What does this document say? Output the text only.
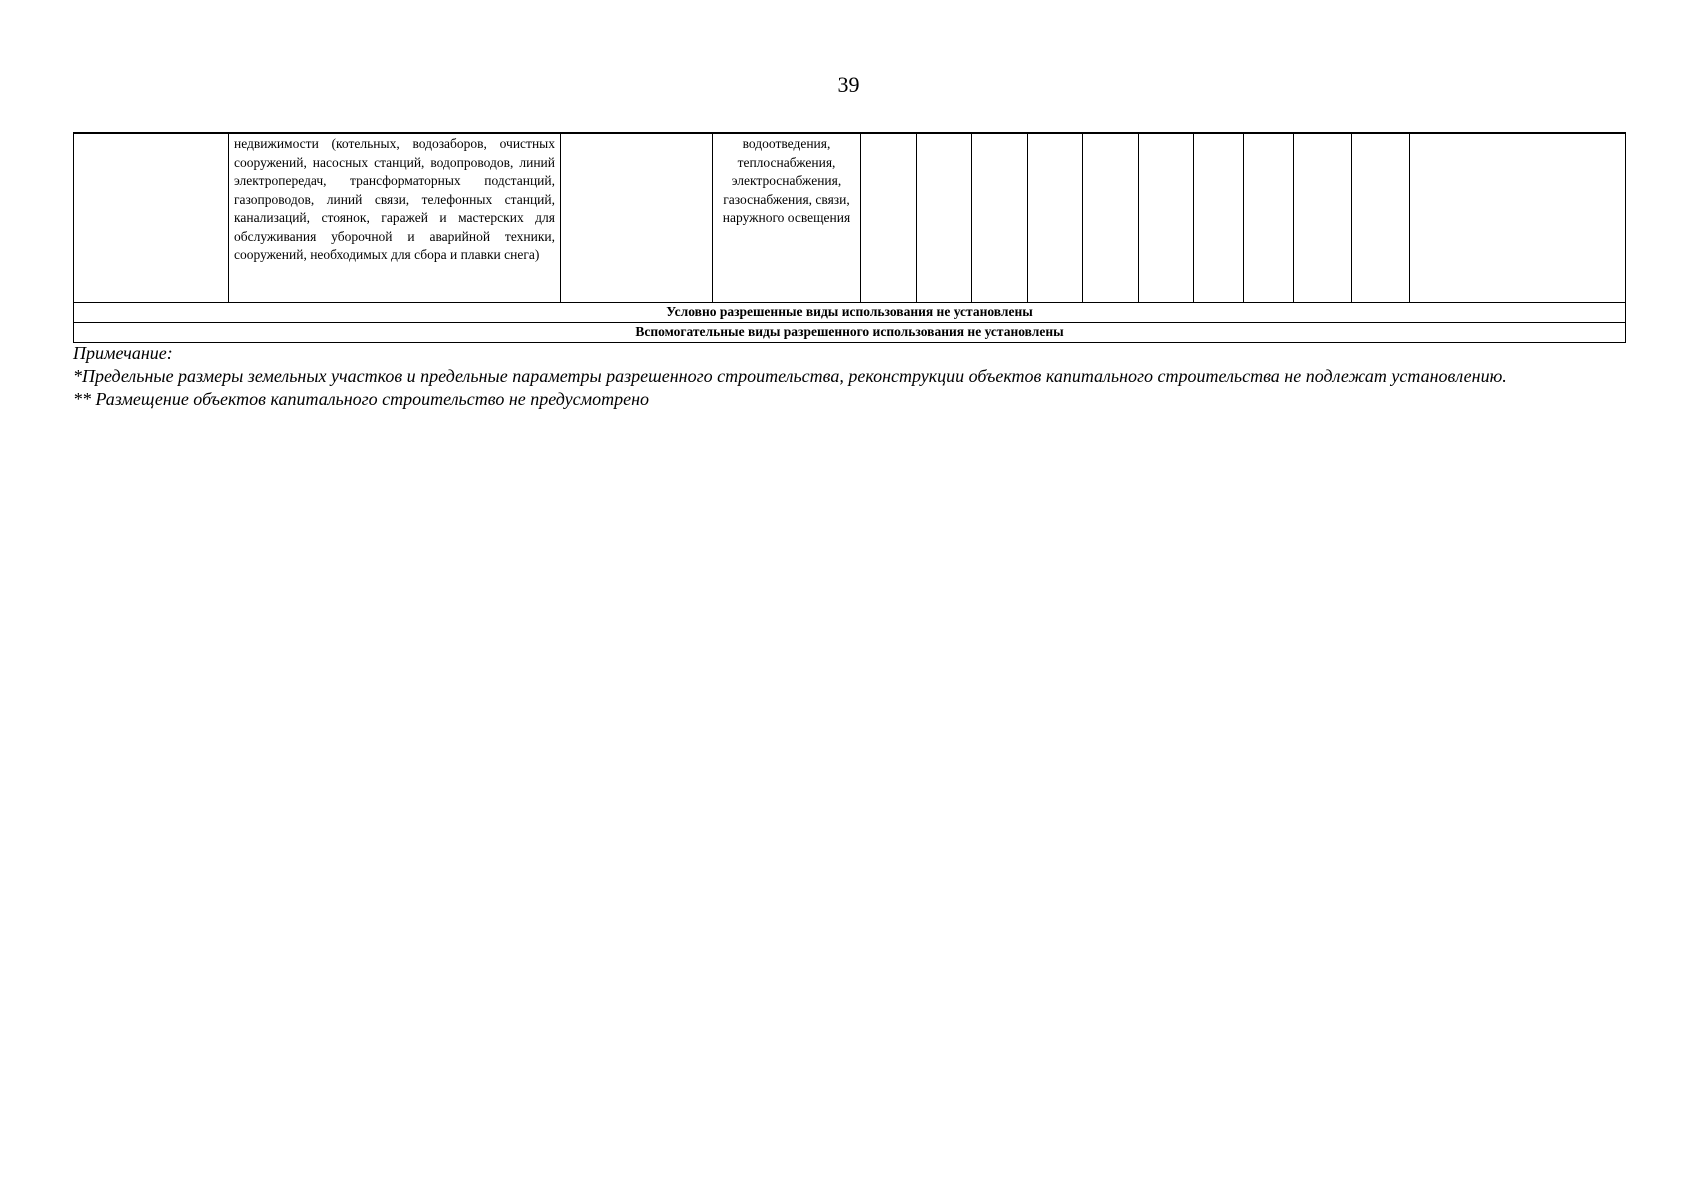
39
	недвижимости (котельных, водозаборов, очистных сооружений, насосных станций, водопроводов, линий электропередач, трансформаторных подстанций, газопроводов, линий связи, телефонных станций, канализаций, стоянок, гаражей и мастерских для обслуживания уборочной и аварийной техники, сооружений, необходимых для сбора и плавки снега)		водоотведения, теплоснабжения, электроснабжения, газоснабжения, связи, наружного освещения											
Условно разрешенные виды использования не установлены
Вспомогательные виды разрешенного использования не установлены

Примечание:

*Предельные размеры земельных участков и предельные параметры разрешенного строительства, реконструкции объектов капитального строительства не подлежат установлению.

** Размещение объектов капитального строительство не предусмотрено
